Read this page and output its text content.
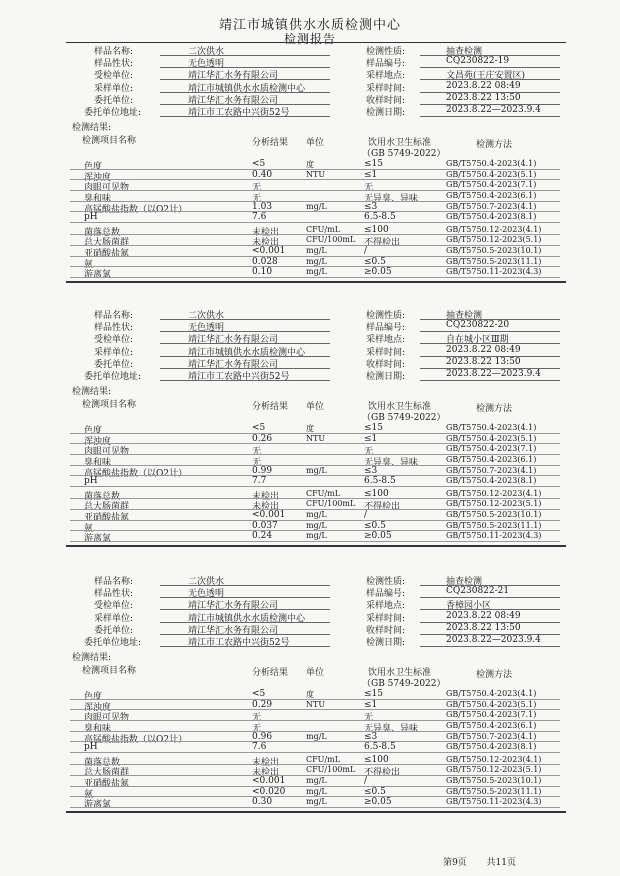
靖江市城镇供水水质检测中心
检测报告
样品名称:	二次供水	检测性质:	抽查检测
样品性状:	无色透明	样品编号:	CQ230822-19
受检单位:	靖江华汇水务有限公司	采样地点:	文昌苑(王庄安置区)
采样单位:	靖江市城镇供水水质检测中心	采样时间:	2023.8.22 08:49
委托单位:	靖江华汇水务有限公司	收样时间:	2023.8.22 13:50
委托单位地址:	靖江市工农路中兴街52号	检测日期:	2023.8.22—2023.9.4
检测结果:
检测项目名称	分析结果 单位	饮用水卫生标准
（GB 5749-2022）
检测方法
色度	<5	度	≤15	GB/T5750.4-2023(4.1)
浑浊度	0.40	NTU	≤1	GB/T5750.4-2023(5.1)
肉眼可见物	无	无	GB/T5750.4-2023(7.1)
臭和味	无	无异臭、异味	GB/T5750.4-2023(6.1)
高锰酸盐指数（以O2计）	1.03	mg/L	≤3	GB/T5750.7-2023(4.1)
pH	7.6	6.5-8.5	GB/T5750.4-2023(8.1)
菌落总数	未检出	CFU/mL	≤100	GB/T5750.12-2023(4.1)
总大肠菌群	未检出	CFU/100mL 不得检出	GB/T5750.12-2023(5.1)
亚硝酸盐氮	<0.001	mg/L	/	GB/T5750.5-2023(10.1)
氨	0.028	mg/L	≤0.5	GB/T5750.5-2023(11.1)
游离氯	0.10	mg/L	≥0.05	GB/T5750.11-2023(4.3)
样品名称:	二次供水	检测性质:	抽查检测
样品性状:	无色透明	样品编号:	CQ230822-20
受检单位:	靖江华汇水务有限公司	采样地点:	自在城小区Ⅲ期
采样单位:	靖江市城镇供水水质检测中心	采样时间:	2023.8.22 08:49
委托单位:	靖江华汇水务有限公司	收样时间:	2023.8.22 13:50
委托单位地址:	靖江市工农路中兴街52号	检测日期:	2023.8.22—2023.9.4
检测结果:
检测项目名称	分析结果 单位	饮用水卫生标准
（GB 5749-2022）
检测方法
色度	<5	度	≤15	GB/T5750.4-2023(4.1)
浑浊度	0.26	NTU	≤1	GB/T5750.4-2023(5.1)
肉眼可见物	无	无	GB/T5750.4-2023(7.1)
臭和味	无	无异臭、异味	GB/T5750.4-2023(6.1)
高锰酸盐指数（以O2计）	0.99	mg/L	≤3	GB/T5750.7-2023(4.1)
pH	7.7	6.5-8.5	GB/T5750.4-2023(8.1)
菌落总数	未检出	CFU/mL	≤100	GB/T5750.12-2023(4.1)
总大肠菌群	未检出	CFU/100mL 不得检出	GB/T5750.12-2023(5.1)
亚硝酸盐氮	<0.001	mg/L	/	GB/T5750.5-2023(10.1)
氨	0.037	mg/L	≤0.5	GB/T5750.5-2023(11.1)
游离氯	0.24	mg/L	≥0.05	GB/T5750.11-2023(4.3)
样品名称:	二次供水	检测性质:	抽查检测
样品性状:	无色透明	样品编号:	CQ230822-21
受检单位:	靖江华汇水务有限公司	采样地点:	香樟园小区
采样单位:	靖江市城镇供水水质检测中心	采样时间:	2023.8.22 08:49
委托单位:	靖江华汇水务有限公司	收样时间:	2023.8.22 13:50
委托单位地址:	靖江市工农路中兴街52号	检测日期:	2023.8.22—2023.9.4
检测结果:
检测项目名称	分析结果 单位	饮用水卫生标准
（GB 5749-2022）
检测方法
色度	<5	度	≤15	GB/T5750.4-2023(4.1)
浑浊度	0.29	NTU	≤1	GB/T5750.4-2023(5.1)
肉眼可见物	无	无	GB/T5750.4-2023(7.1)
臭和味	无	无异臭、异味	GB/T5750.4-2023(6.1)
高锰酸盐指数（以O2计）	0.96	mg/L	≤3	GB/T5750.7-2023(4.1)
pH	7.6	6.5-8.5	GB/T5750.4-2023(8.1)
菌落总数	未检出	CFU/mL	≤100	GB/T5750.12-2023(4.1)
总大肠菌群	未检出	CFU/100mL 不得检出	GB/T5750.12-2023(5.1)
亚硝酸盐氮	<0.001	mg/L	/	GB/T5750.5-2023(10.1)
氨	<0.020	mg/L	≤0.5	GB/T5750.5-2023(11.1)
游离氯	0.30	mg/L	≥0.05	GB/T5750.11-2023(4.3)
第9页 共11页
